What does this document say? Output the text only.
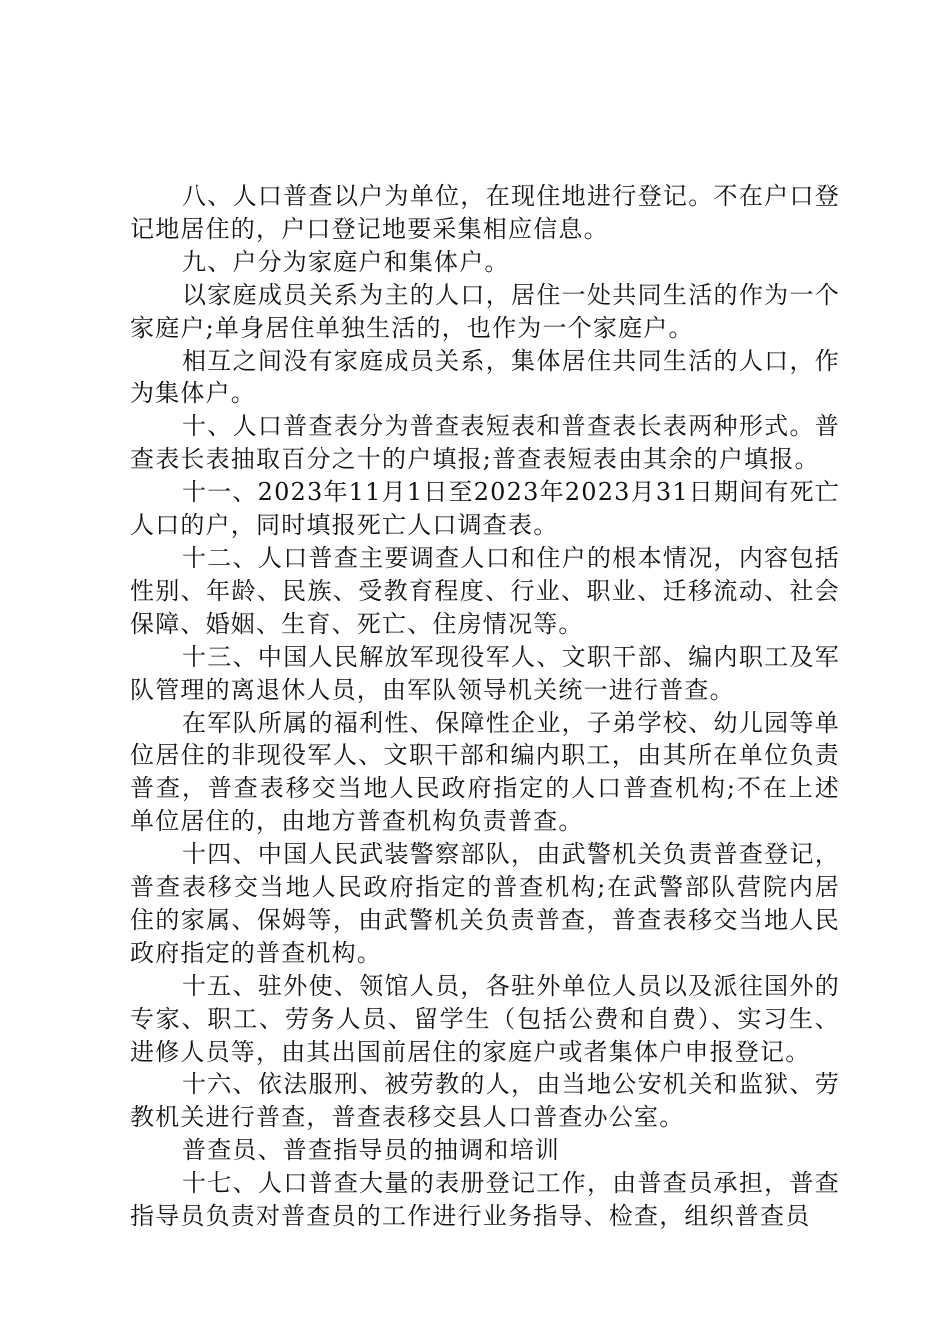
八、人口普查以户为单位，在现住地进行登记。不在户口登记地居住的，户口登记地要采集相应信息。

九、户分为家庭户和集体户。

以家庭成员关系为主的人口，居住一处共同生活的作为一个家庭户;单身居住单独生活的，也作为一个家庭户。

相互之间没有家庭成员关系，集体居住共同生活的人口，作为集体户。

十、人口普查表分为普查表短表和普查表长表两种形式。普查表长表抽取百分之十的户填报;普查表短表由其余的户填报。

十一、2023年11月1日至2023年2023月31日期间有死亡人口的户，同时填报死亡人口调查表。

十二、人口普查主要调查人口和住户的根本情况，内容包括性别、年龄、民族、受教育程度、行业、职业、迁移流动、社会保障、婚姻、生育、死亡、住房情况等。

十三、中国人民解放军现役军人、文职干部、编内职工及军队管理的离退休人员，由军队领导机关统一进行普查。

在军队所属的福利性、保障性企业，子弟学校、幼儿园等单位居住的非现役军人、文职干部和编内职工，由其所在单位负责普查，普查表移交当地人民政府指定的人口普查机构;不在上述单位居住的，由地方普查机构负责普查。

十四、中国人民武装警察部队，由武警机关负责普查登记，普查表移交当地人民政府指定的普查机构;在武警部队营院内居住的家属、保姆等，由武警机关负责普查，普查表移交当地人民政府指定的普查机构。

十五、驻外使、领馆人员，各驻外单位人员以及派往国外的专家、职工、劳务人员、留学生（包括公费和自费）、实习生、进修人员等，由其出国前居住的家庭户或者集体户申报登记。

十六、依法服刑、被劳教的人，由当地公安机关和监狱、劳教机关进行普查，普查表移交县人口普查办公室。

普查员、普查指导员的抽调和培训

十七、人口普查大量的表册登记工作，由普查员承担，普查指导员负责对普查员的工作进行业务指导、检查，组织普查员
